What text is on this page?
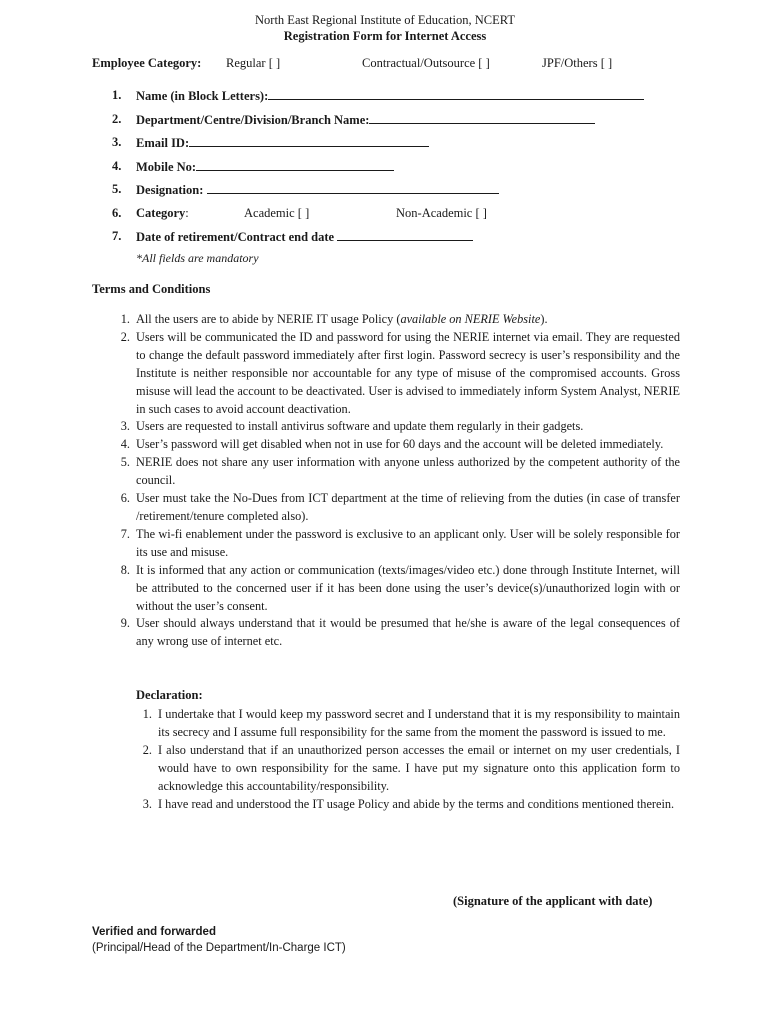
North East Regional Institute of Education, NCERT
Registration Form for Internet Access
Employee Category: Regular [ ]	Contractual/Outsource [ ]	JPF/Others [ ]
1.	Name (in Block Letters):
2.	Department/Centre/Division/Branch Name:
3.	Email ID:
4.	Mobile No:
5.	Designation:
6.	Category:	Academic [ ]	Non-Academic [ ]
7.	Date of retirement/Contract end date
*All fields are mandatory
Terms and Conditions
1. All the users are to abide by NERIE IT usage Policy (available on NERIE Website).
2. Users will be communicated the ID and password for using the NERIE internet via email. They are requested to change the default password immediately after first login. Password secrecy is user’s responsibility and the Institute is neither responsible nor accountable for any type of misuse of the compromised accounts. Gross misuse will lead the account to be deactivated. User is advised to immediately inform System Analyst, NERIE in such cases to avoid account deactivation.
3. Users are requested to install antivirus software and update them regularly in their gadgets.
4. User’s password will get disabled when not in use for 60 days and the account will be deleted immediately.
5. NERIE does not share any user information with anyone unless authorized by the competent authority of the council.
6. User must take the No-Dues from ICT department at the time of relieving from the duties (in case of transfer /retirement/tenure completed also).
7. The wi-fi enablement under the password is exclusive to an applicant only. User will be solely responsible for its use and misuse.
8. It is informed that any action or communication (texts/images/video etc.) done through Institute Internet, will be attributed to the concerned user if it has been done using the user’s device(s)/unauthorized login with or without the user’s consent.
9. User should always understand that it would be presumed that he/she is aware of the legal consequences of any wrong use of internet etc.
Declaration:
1. I undertake that I would keep my password secret and I understand that it is my responsibility to maintain its secrecy and I assume full responsibility for the same from the moment the password is issued to me.
2. I also understand that if an unauthorized person accesses the email or internet on my user credentials, I would have to own responsibility for the same. I have put my signature onto this application form to acknowledge this accountability/responsibility.
3. I have read and understood the IT usage Policy and abide by the terms and conditions mentioned therein.
(Signature of the applicant with date)
Verified and forwarded
(Principal/Head of the Department/In-Charge ICT)
